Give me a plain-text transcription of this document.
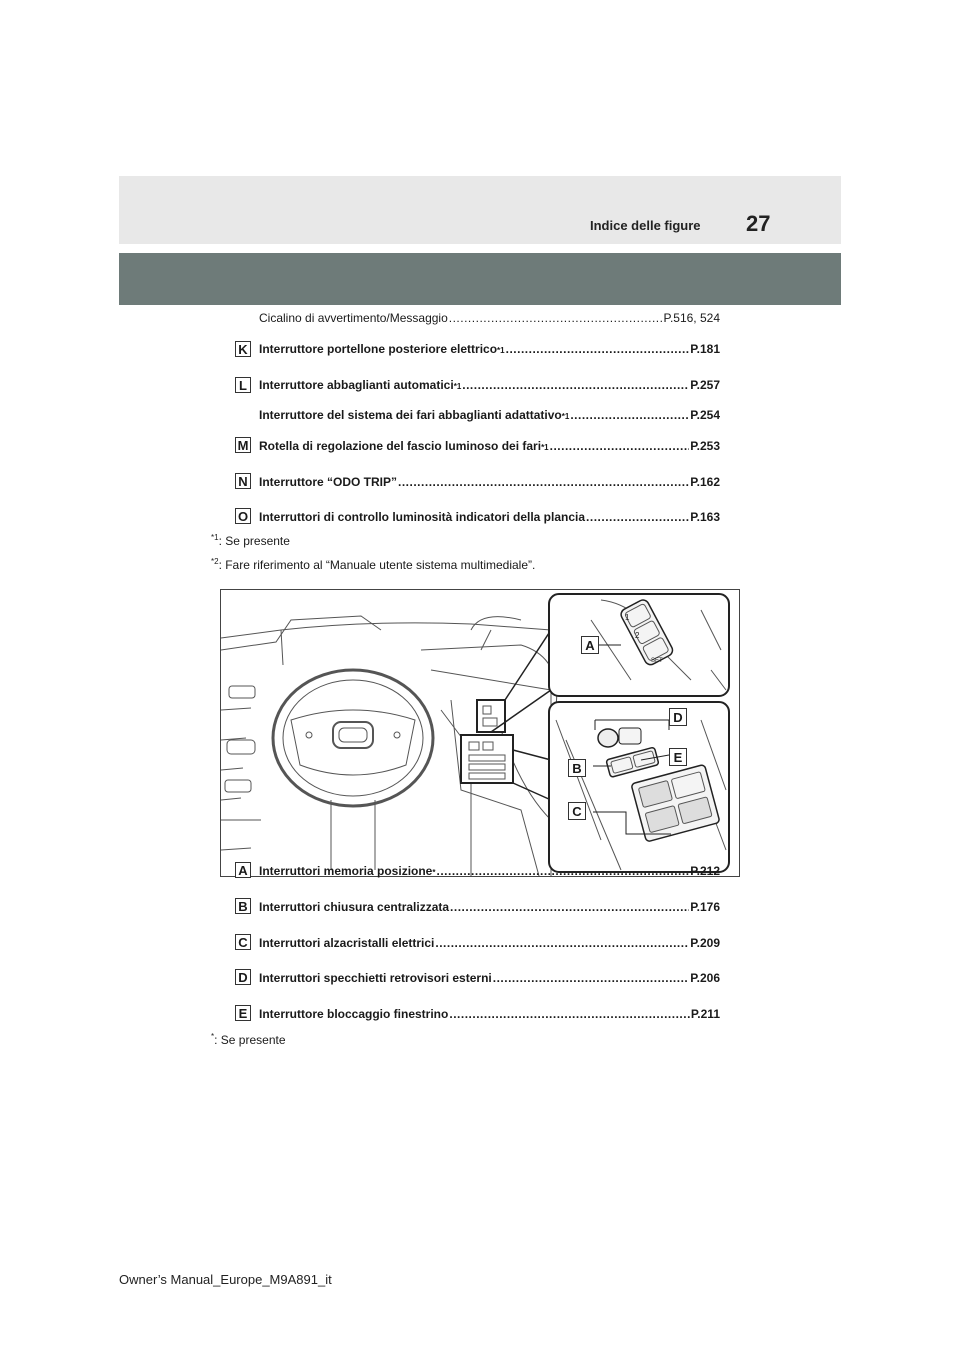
Indice delle figure 27
Cicalino di avvertimento/Messaggio .....	P.516, 524
K Interruttore portellone posteriore elettrico *1 .....	P.181
L	Interruttore abbaglianti automatici *1 .....	P.257
Interruttore del sistema dei fari abbaglianti adattativo *1 .....	P.254
M Rotella di regolazione del fascio luminoso dei fari *1 .....	P.253
N Interruttore “ODO TRIP” .....	P.162
O Interruttori di controllo luminosità indicatori della plancia .....	P.163
$^{*1}$: Se presente
$^{*2}$: Fare riferimento al “Manuale utente sistema multimediale”.
1
2
SET
A
B
C
D
E
A Interruttori memoria posizione * .....	P.212
B Interruttori chiusura centralizzata .....	P.176
C Interruttori alzacristalli elettrici .....	P.209
D Interruttori specchietti retrovisori esterni .....	P.206
E Interruttore bloccaggio finestrino .....	P.211
*: Se presente
Owner’s Manual_Europe_M9A891_it
